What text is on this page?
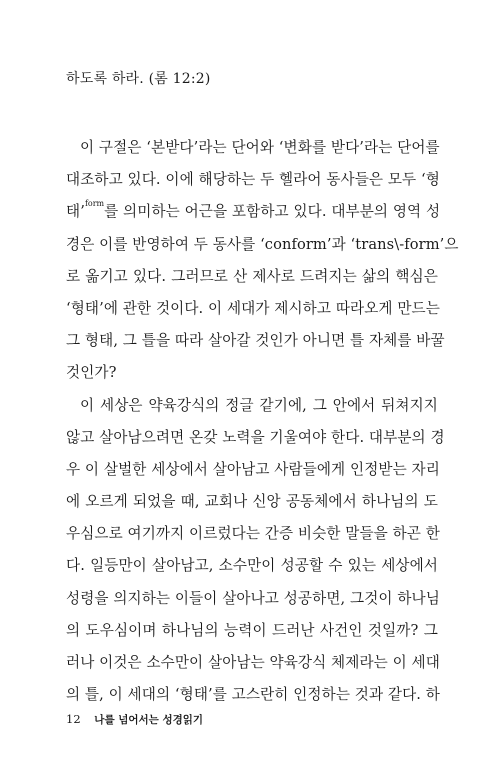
하도록 하라. (롬 12:2)
이 구절은 ‘본받다’라는 단어와 ‘변화를 받다’라는 단어를
대조하고 있다. 이에 해당하는 두 헬라어 동사들은 모두 ‘형
태’$^{form}$를 의미하는 어근을 포함하고 있다. 대부분의 영역 성
경은 이를 반영하여 두 동사를 ‘conform’과 ‘trans\-form’으
로 옮기고 있다. 그러므로 산 제사로 드려지는 삶의 핵심은
‘형태’에 관한 것이다. 이 세대가 제시하고 따라오게 만드는
그 형태, 그 틀을 따라 살아갈 것인가 아니면 틀 자체를 바꿀
것인가?
이 세상은 약육강식의 정글 같기에, 그 안에서 뒤쳐지지
않고 살아남으려면 온갖 노력을 기울여야 한다. 대부분의 경
우 이 살벌한 세상에서 살아남고 사람들에게 인정받는 자리
에 오르게 되었을 때, 교회나 신앙 공동체에서 하나님의 도
우심으로 여기까지 이르렀다는 간증 비슷한 말들을 하곤 한
다. 일등만이 살아남고, 소수만이 성공할 수 있는 세상에서
성령을 의지하는 이들이 살아나고 성공하면, 그것이 하나님
의 도우심이며 하나님의 능력이 드러난 사건인 것일까? 그
러나 이것은 소수만이 살아남는 약육강식 체제라는 이 세대
의 틀, 이 세대의 ‘형태’를 고스란히 인정하는 것과 같다. 하
12 나를 넘어서는 성경읽기
